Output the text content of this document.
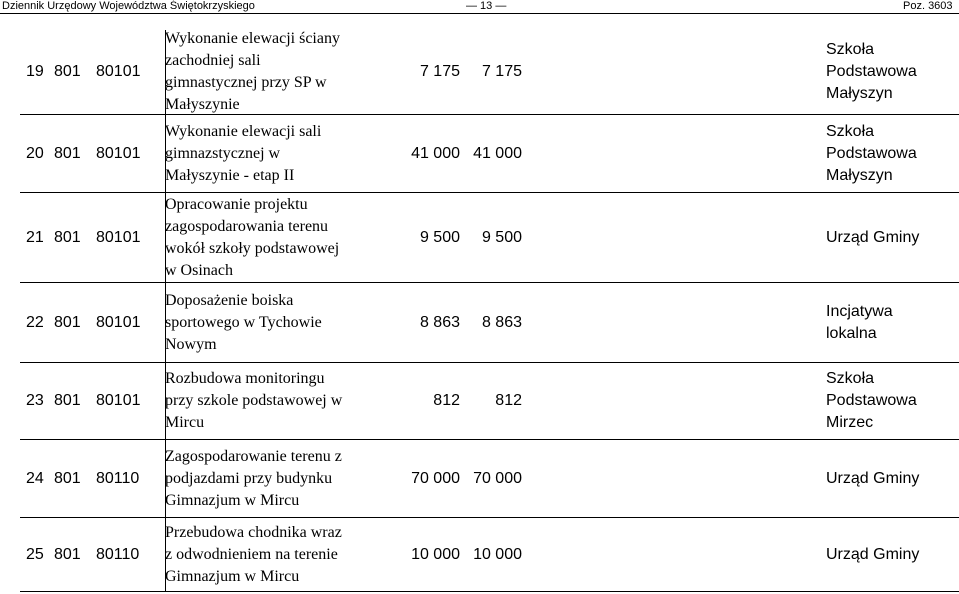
Dziennik Urzędowy Województwa Świętokrzyskiego	— 13 —	Poz. 3603
19 801 80101
Wykonanie elewacji ściany
zachodniej sali
gimnastycznej przy SP w
Małyszynie
7 175	7 175
Szkoła
Podstawowa
Małyszyn
20 801 80101
Wykonanie elewacji sali
gimnazstycznej w
Małyszynie - etap II
41 000 41 000
Szkoła
Podstawowa
Małyszyn
21 801 80101
Opracowanie projektu
zagospodarowania terenu
wokół szkoły podstawowej
w Osinach
9 500	9 500	Urząd Gminy
22 801 80101
Doposażenie boiska
sportowego w Tychowie
Nowym
8 863	8 863
Incjatywa
lokalna
23 801 80101
Rozbudowa monitoringu
przy szkole podstawowej w
Mircu
812	812
Szkoła
Podstawowa
Mirzec
24 801 80110
Zagospodarowanie terenu z
podjazdami przy budynku
Gimnazjum w Mircu
70 000 70 000	Urząd Gminy
25 801 80110
Przebudowa chodnika wraz
z odwodnieniem na terenie
Gimnazjum w Mircu
10 000 10 000	Urząd Gminy
